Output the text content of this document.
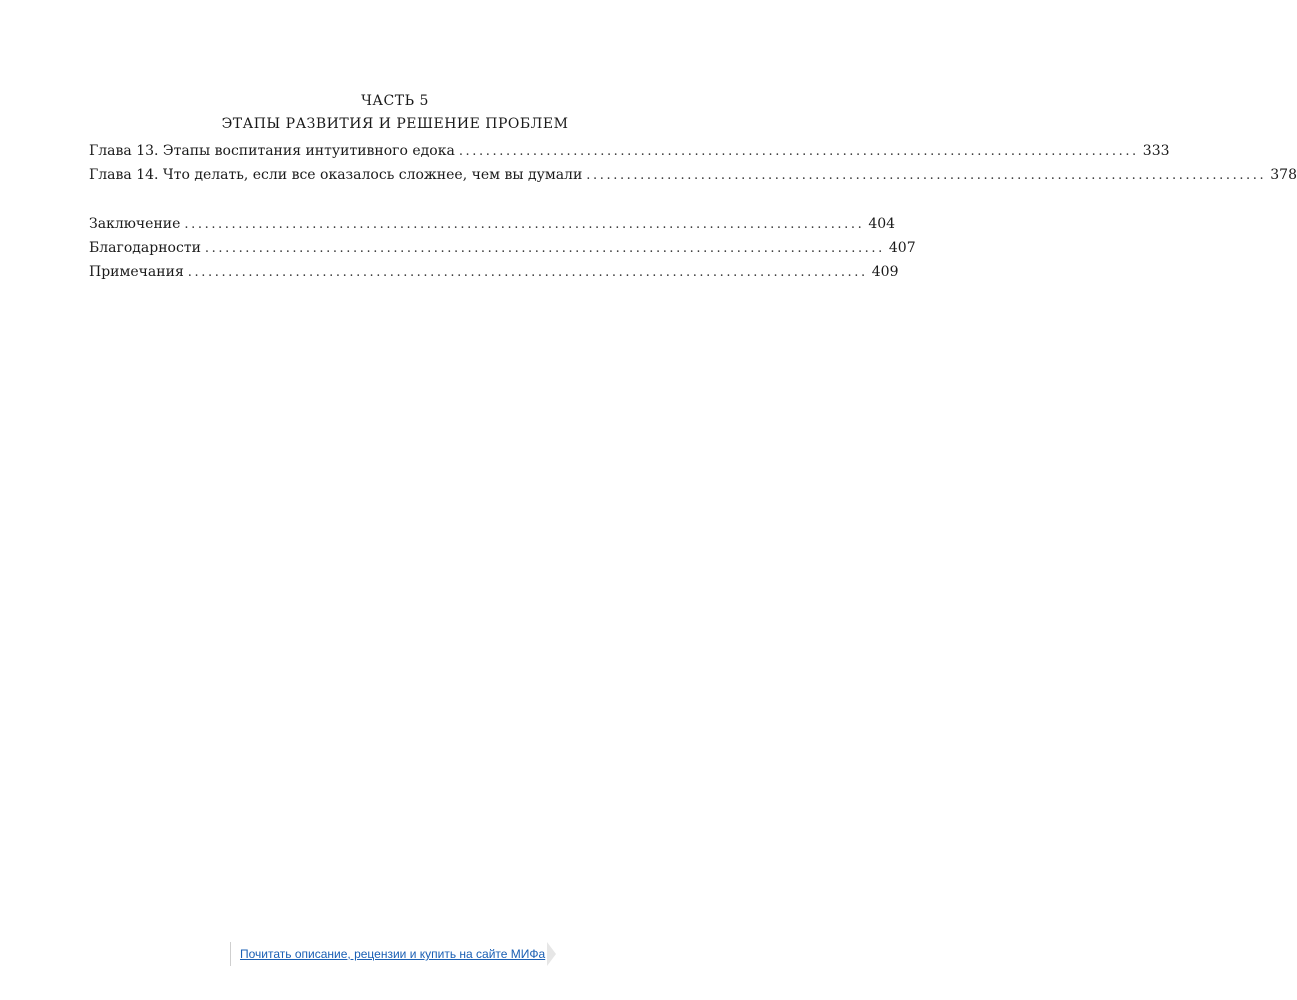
ЧАСТЬ 5
ЭТАПЫ РАЗВИТИЯ И РЕШЕНИЕ ПРОБЛЕМ
Глава 13. Этапы воспитания интуитивного едока ..................................................................................................... 333
Глава 14. Что делать, если все оказалось сложнее, чем вы думали ..................................................................................................... 378
Заключение ..................................................................................................... 404
Благодарности ..................................................................................................... 407
Примечания ..................................................................................................... 409
Почитать описание, рецензии и купить на сайте МИФа
